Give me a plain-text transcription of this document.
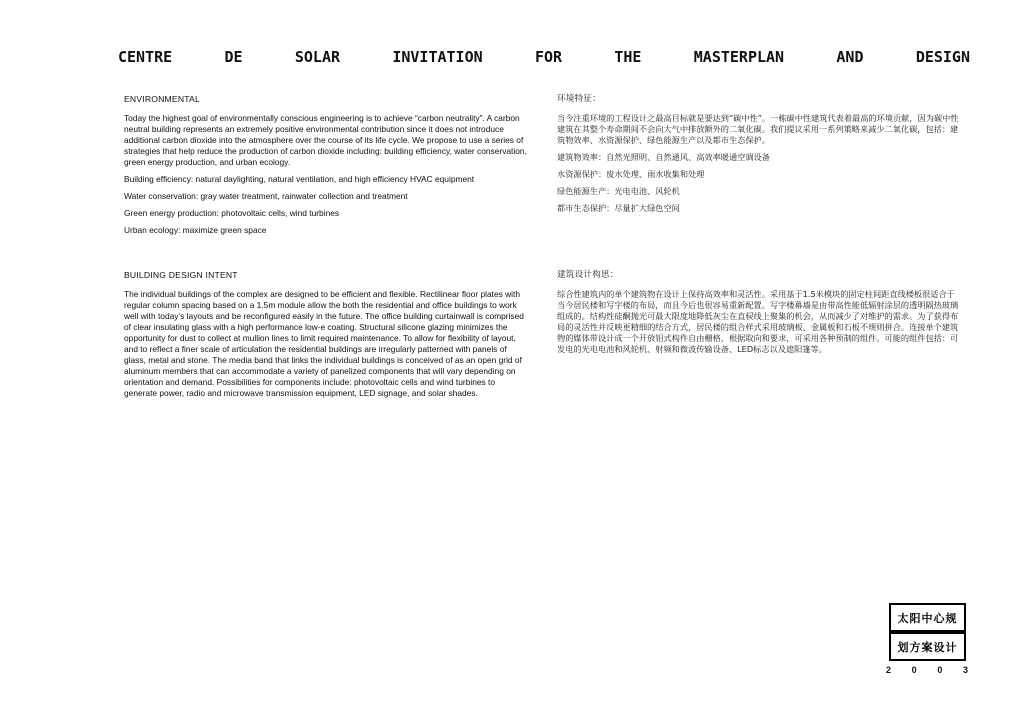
CENTRE	DE	SOLAR	INVITATION	FOR	THE	MASTERPLAN	AND	DESIGN
ENVIRONMENTAL
Today the highest goal of environmentally conscious engineering is to achieve “carbon neutrality”. A carbon neutral building represents an extremely positive environmental contribution since it does not introduce additional carbon dioxide into the atmosphere over the course of its life cycle. We propose to use a series of strategies that help reduce the production of carbon dioxide including: building efficiency, water conservation, green energy production, and urban ecology.
Building efficiency: natural daylighting, natural ventilation, and high efficiency HVAC equipment
Water conservation: gray water treatment, rainwater collection and treatment
Green energy production: photovoltaic cells, wind turbines
Urban ecology: maximize green space
BUILDING DESIGN INTENT
The individual buildings of the complex are designed to be efficient and flexible. Rectilinear floor plates with regular column spacing based on a 1.5m module allow the both the residential and office buildings to work well with today’s layouts and be reconfigured easily in the future. The office building curtainwall is comprised of clear insulating glass with a high performance low-e coating. Structural silicone glazing minimizes the opportunity for dust to collect at mullion lines to limit required maintenance. To allow for flexibility of layout, and to reflect a finer scale of articulation the residential buildings are irregularly patterned with panels of glass, metal and stone. The media band that links the individual buildings is conceived of as an open grid of aluminum members that can accommodate a variety of panelized components that will vary depending on orientation and demand. Possibilities for components include: photovoltaic cells and wind turbines to generate power, radio and microwave transmission equipment, LED signage, and solar shades.
环境特征：
当今注重环境的工程设计之最高目标就是要达到“碳中性”。一栋碳中性建筑代表着最高的环境贡献，因为碳中性建筑在其整个寿命期间不会向大气中排放额外的二氧化碳。我们提议采用一系列策略来减少二氧化碳，包括：建筑物效率、水资源保护、绿色能源生产以及都市生态保护。
建筑物效率：自然光照明、自然通风、高效率暖通空调设备
水资源保护：废水处理、雨水收集和处理
绿色能源生产：光电电池、风轮机
都市生态保护：尽量扩大绿色空间
建筑设计构思：
综合性建筑内的单个建筑物在设计上保持高效率和灵活性。采用基于1.5米模块的固定柱间距直线楼板很适合于当今居民楼和写字楼的布局，而且今后也很容易重新配置。写字楼幕墙是由带高性能低辐射涂层的透明隔热玻璃组成的。结构性硅酮抛光可最大限度地降低灰尘在直棂线上聚集的机会，从而减少了对维护的需求。为了获得布局的灵活性并反映更精细的结合方式，居民楼的组合样式采用玻璃板、金属板和石板不规则拼合。连接单个建筑物的媒体带设计成一个开放铝式构件自由栅格，根据取向和要求，可采用各种预制的组件。可能的组件包括：可发电的光电电池和风轮机、射频和微波传输设备、LED标志以及遮阳篷等。
太阳中心规
划方案设计
2 0 0 3
